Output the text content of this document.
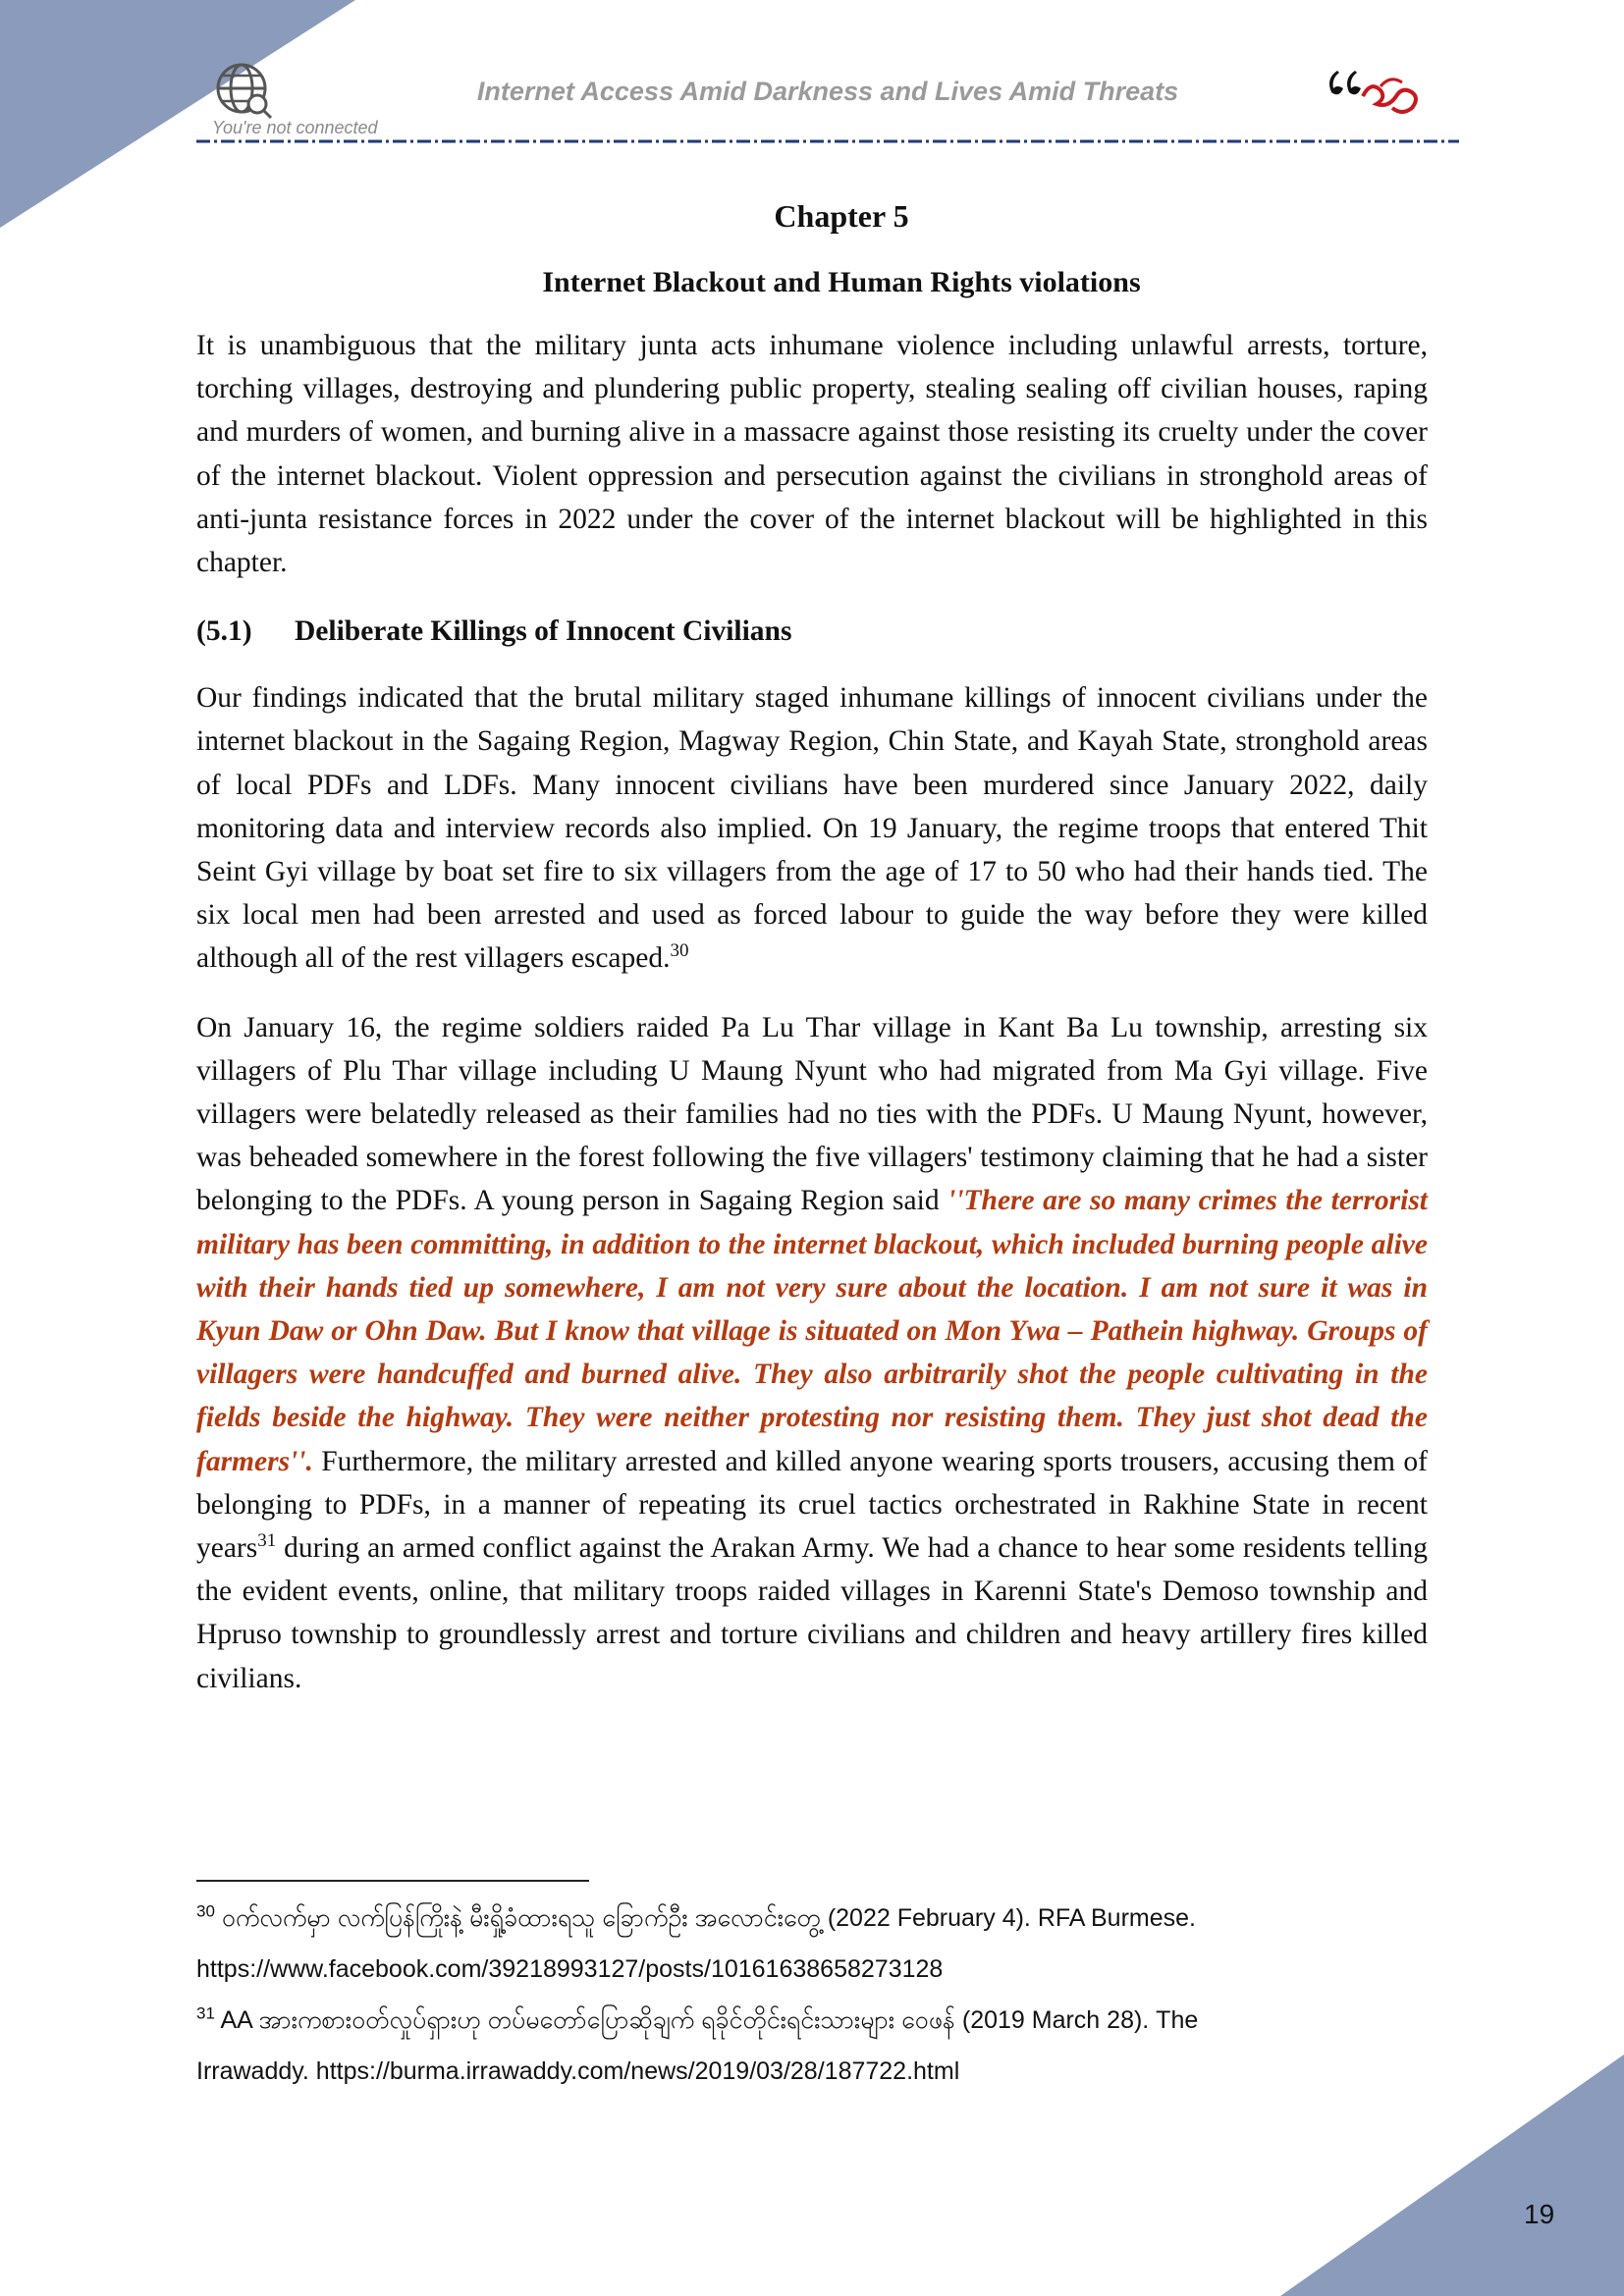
You're not connected
Internet Access Amid Darkness and Lives Amid Threats
Chapter 5
Internet Blackout and Human Rights violations

It is unambiguous that the military junta acts inhumane violence including unlawful arrests, torture, torching villages, destroying and plundering public property, stealing sealing off civilian houses, raping and murders of women, and burning alive in a massacre against those resisting its cruelty under the cover of the internet blackout. Violent oppression and persecution against the civilians in stronghold areas of anti-junta resistance forces in 2022 under the cover of the internet blackout will be highlighted in this chapter.

(5.1) Deliberate Killings of Innocent Civilians

Our findings indicated that the brutal military staged inhumane killings of innocent civilians under the internet blackout in the Sagaing Region, Magway Region, Chin State, and Kayah State, stronghold areas of local PDFs and LDFs. Many innocent civilians have been murdered since January 2022, daily monitoring data and interview records also implied. On 19 January, the regime troops that entered Thit Seint Gyi village by boat set fire to six villagers from the age of 17 to 50 who had their hands tied. The six local men had been arrested and used as forced labour to guide the way before they were killed although all of the rest villagers escaped.$^{30}$

On January 16, the regime soldiers raided Pa Lu Thar village in Kant Ba Lu township, arresting six villagers of Plu Thar village including U Maung Nyunt who had migrated from Ma Gyi village. Five villagers were belatedly released as their families had no ties with the PDFs. U Maung Nyunt, however, was beheaded somewhere in the forest following the five villagers' testimony claiming that he had a sister belonging to the PDFs. A young person in Sagaing Region said ''There are so many crimes the terrorist military has been committing, in addition to the internet blackout, which included burning people alive with their hands tied up somewhere, I am not very sure about the location. I am not sure it was in Kyun Daw or Ohn Daw. But I know that village is situated on Mon Ywa – Pathein highway. Groups of villagers were handcuffed and burned alive. They also arbitrarily shot the people cultivating in the fields beside the highway. They were neither protesting nor resisting them. They just shot dead the farmers''. Furthermore, the military arrested and killed anyone wearing sports trousers, accusing them of belonging to PDFs, in a manner of repeating its cruel tactics orchestrated in Rakhine State in recent years$^{31}$ during an armed conflict against the Arakan Army. We had a chance to hear some residents telling the evident events, online, that military troops raided villages in Karenni State's Demoso township and Hpruso township to groundlessly arrest and torture civilians and children and heavy artillery fires killed civilians.

$^{30}$ ဝက်လက်မှာ လက်ပြန်ကြိုးနဲ့ မီးရှို့ခံထားရသူ ခြောက်ဦး အလောင်းတွေ့ (2022 February 4). RFA Burmese.
https://www.facebook.com/39218993127/posts/10161638658273128
$^{31}$ AA အားကစားဝတ်လှုပ်ရှားဟု တပ်မတော်ပြောဆိုချက် ရခိုင်တိုင်းရင်းသားများ ဝေဖန် (2019 March 28). The
Irrawaddy. https://burma.irrawaddy.com/news/2019/03/28/187722.html
19
